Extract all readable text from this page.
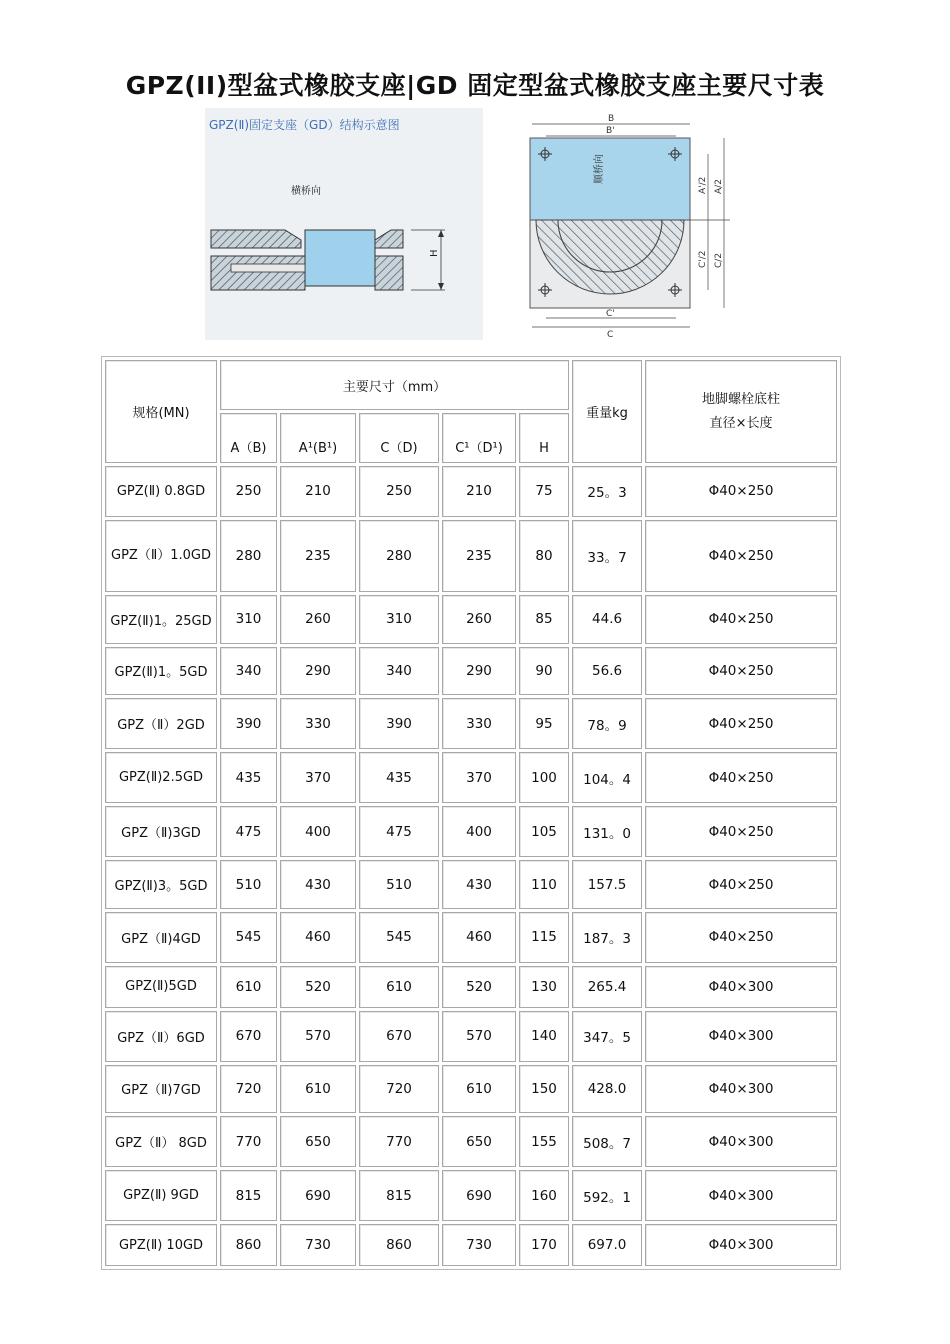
GPZ(II)型盆式橡胶支座|GD 固定型盆式橡胶支座主要尺寸表
GPZ(Ⅱ)固定支座（GD）结构示意图
横桥向
H
B
B'
顺桥向
C'
C
A'/2 A/2
C'/2 C/2
规格(MN)	主要尺寸（mm）					重量kg	地脚螺栓底柱
直径×长度
	A（B)	A¹(B¹)	C（D)	C¹（D¹)	H		
GPZ(Ⅱ) 0.8GD	250	210	250	210	75	25。3	Φ40×250
GPZ（Ⅱ）1.0GD	280	235	280	235	80	33。7	Φ40×250
GPZ(Ⅱ)1。25GD	310	260	310	260	85	44.6	Φ40×250
GPZ(Ⅱ)1。5GD	340	290	340	290	90	56.6	Φ40×250
GPZ（Ⅱ）2GD	390	330	390	330	95	78。9	Φ40×250
GPZ(Ⅱ)2.5GD	435	370	435	370	100	104。4	Φ40×250
GPZ（Ⅱ)3GD	475	400	475	400	105	131。0	Φ40×250
GPZ(Ⅱ)3。5GD	510	430	510	430	110	157.5	Φ40×250
GPZ（Ⅱ)4GD	545	460	545	460	115	187。3	Φ40×250
GPZ(Ⅱ)5GD	610	520	610	520	130	265.4	Φ40×300
GPZ（Ⅱ）6GD	670	570	670	570	140	347。5	Φ40×300
GPZ（Ⅱ)7GD	720	610	720	610	150	428.0	Φ40×300
GPZ（Ⅱ） 8GD	770	650	770	650	155	508。7	Φ40×300
GPZ(Ⅱ) 9GD	815	690	815	690	160	592。1	Φ40×300
GPZ(Ⅱ) 10GD	860	730	860	730	170	697.0	Φ40×300
